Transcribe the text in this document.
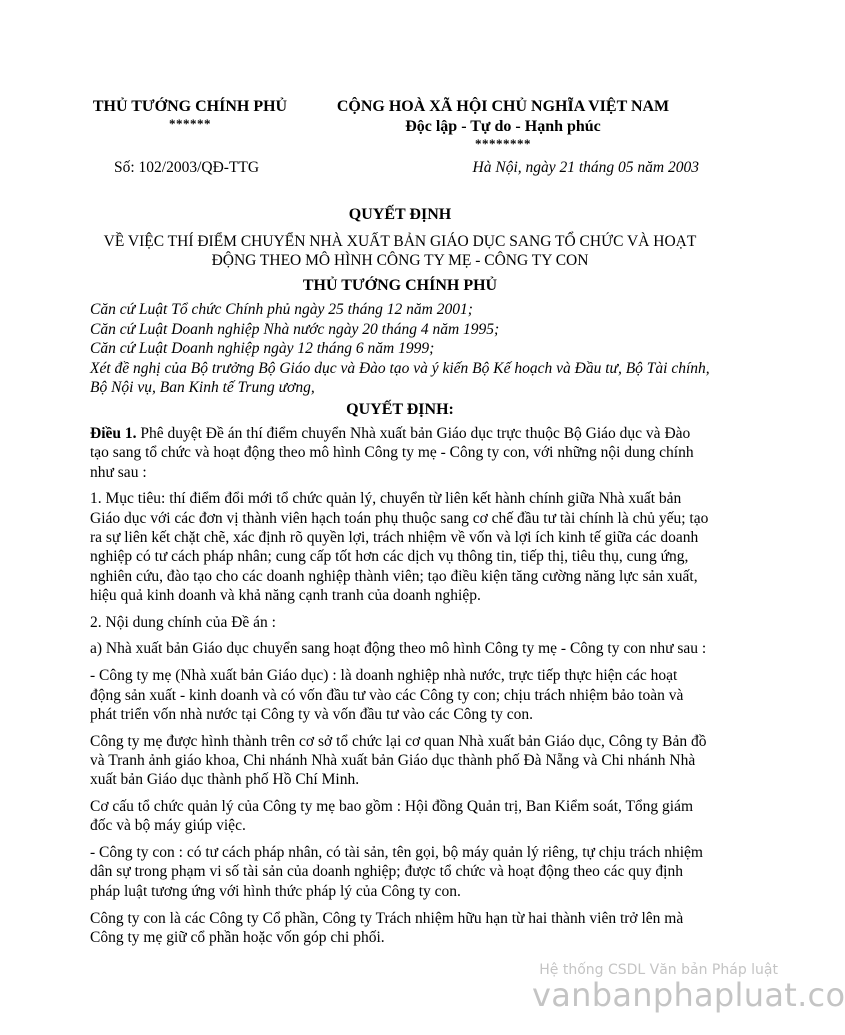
THỦ TƯỚNG CHÍNH PHỦ
******
CỘNG HOÀ XÃ HỘI CHỦ NGHĨA VIỆT NAM
Độc lập - Tự do - Hạnh phúc
********
Số: 102/2003/QĐ-TTG	Hà Nội, ngày 21 tháng 05 năm 2003
QUYẾT ĐỊNH
VỀ VIỆC THÍ ĐIỂM CHUYỂN NHÀ XUẤT BẢN GIÁO DỤC SANG TỔ CHỨC VÀ HOẠT ĐỘNG THEO MÔ HÌNH CÔNG TY MẸ - CÔNG TY CON
THỦ TƯỚNG CHÍNH PHỦ

Căn cứ Luật Tổ chức Chính phủ ngày 25 tháng 12 năm 2001;

Căn cứ Luật Doanh nghiệp Nhà nước ngày 20 tháng 4 năm 1995;

Căn cứ Luật Doanh nghiệp ngày 12 tháng 6 năm 1999;

Xét đề nghị của Bộ trưởng Bộ Giáo dục và Đào tạo và ý kiến Bộ Kế hoạch và Đầu tư, Bộ Tài chính, Bộ Nội vụ, Ban Kinh tế Trung ương,

QUYẾT ĐỊNH:

Điều 1. Phê duyệt Đề án thí điểm chuyển Nhà xuất bản Giáo dục trực thuộc Bộ Giáo dục và Đào tạo sang tổ chức và hoạt động theo mô hình Công ty mẹ - Công ty con, với những nội dung chính như sau :

1. Mục tiêu: thí điểm đổi mới tổ chức quản lý, chuyển từ liên kết hành chính giữa Nhà xuất bản Giáo dục với các đơn vị thành viên hạch toán phụ thuộc sang cơ chế đầu tư tài chính là chủ yếu; tạo ra sự liên kết chặt chẽ, xác định rõ quyền lợi, trách nhiệm về vốn và lợi ích kinh tế giữa các doanh nghiệp có tư cách pháp nhân; cung cấp tốt hơn các dịch vụ thông tin, tiếp thị, tiêu thụ, cung ứng, nghiên cứu, đào tạo cho các doanh nghiệp thành viên; tạo điều kiện tăng cường năng lực sản xuất, hiệu quả kinh doanh và khả năng cạnh tranh của doanh nghiệp.

2. Nội dung chính của Đề án :

a) Nhà xuất bản Giáo dục chuyển sang hoạt động theo mô hình Công ty mẹ - Công ty con như sau :

- Công ty mẹ (Nhà xuất bản Giáo dục) : là doanh nghiệp nhà nước, trực tiếp thực hiện các hoạt động sản xuất - kinh doanh và có vốn đầu tư vào các Công ty con; chịu trách nhiệm bảo toàn và phát triển vốn nhà nước tại Công ty và vốn đầu tư vào các Công ty con.

Công ty mẹ được hình thành trên cơ sở tổ chức lại cơ quan Nhà xuất bản Giáo dục, Công ty Bản đồ và Tranh ảnh giáo khoa, Chi nhánh Nhà xuất bản Giáo dục thành phố Đà Nẵng và Chi nhánh Nhà xuất bản Giáo dục thành phố Hồ Chí Minh.

Cơ cấu tổ chức quản lý của Công ty mẹ bao gồm : Hội đồng Quản trị, Ban Kiểm soát, Tổng giám đốc và bộ máy giúp việc.

- Công ty con : có tư cách pháp nhân, có tài sản, tên gọi, bộ máy quản lý riêng, tự chịu trách nhiệm dân sự trong phạm vi số tài sản của doanh nghiệp; được tổ chức và hoạt động theo các quy định pháp luật tương ứng với hình thức pháp lý của Công ty con.

Công ty con là các Công ty Cổ phần, Công ty Trách nhiệm hữu hạn từ hai thành viên trở lên mà Công ty mẹ giữ cổ phần hoặc vốn góp chi phối.

Hệ thống CSDL Văn bản Pháp luật
vanbanphapluat.co
